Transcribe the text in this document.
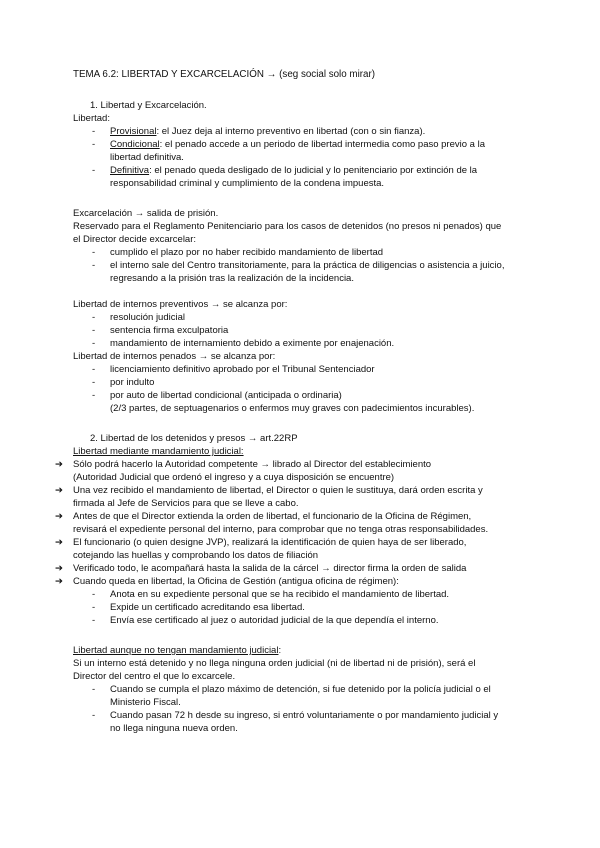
TEMA 6.2: LIBERTAD Y EXCARCELACIÓN → (seg social solo mirar)
1. Libertad y Excarcelación.
Libertad:
- Provisional: el Juez deja al interno preventivo en libertad (con o sin fianza).
- Condicional: el penado accede a un periodo de libertad intermedia como paso previo a la
libertad definitiva.
- Definitiva: el penado queda desligado de lo judicial y lo penitenciario por extinción de la
responsabilidad criminal y cumplimiento de la condena impuesta.
Excarcelación → salida de prisión.
Reservado para el Reglamento Penitenciario para los casos de detenidos (no presos ni penados) que
el Director decide excarcelar:
- cumplido el plazo por no haber recibido mandamiento de libertad
- el interno sale del Centro transitoriamente, para la práctica de diligencias o asistencia a juicio,
regresando a la prisión tras la realización de la incidencia.
Libertad de internos preventivos → se alcanza por:
- resolución judicial
- sentencia firma exculpatoria
- mandamiento de internamiento debido a eximente por enajenación.
Libertad de internos penados → se alcanza por:
- licenciamiento definitivo aprobado por el Tribunal Sentenciador
- por indulto
- por auto de libertad condicional (anticipada o ordinaria)
(2/3 partes, de septuagenarios o enfermos muy graves con padecimientos incurables).
2. Libertad de los detenidos y presos → art.22RP
Libertad mediante mandamiento judicial:
➔	Sólo podrá hacerlo la Autoridad competente → librado al Director del establecimiento
(Autoridad Judicial que ordenó el ingreso y a cuya disposición se encuentre)
➔	Una vez recibido el mandamiento de libertad, el Director o quien le sustituya, dará orden escrita y
firmada al Jefe de Servicios para que se lleve a cabo.
➔	Antes de que el Director extienda la orden de libertad, el funcionario de la Oficina de Régimen,
revisará el expediente personal del interno, para comprobar que no tenga otras responsabilidades.
➔	El funcionario (o quien designe JVP), realizará la identificación de quien haya de ser liberado,
cotejando las huellas y comprobando los datos de filiación
➔	Verificado todo, le acompañará hasta la salida de la cárcel → director firma la orden de salida
➔	Cuando queda en libertad, la Oficina de Gestión (antigua oficina de régimen):
- Anota en su expediente personal que se ha recibido el mandamiento de libertad.
- Expide un certificado acreditando esa libertad.
- Envía ese certificado al juez o autoridad judicial de la que dependía el interno.
Libertad aunque no tengan mandamiento judicial:
Si un interno está detenido y no llega ninguna orden judicial (ni de libertad ni de prisión), será el
Director del centro el que lo excarcele.
- Cuando se cumpla el plazo máximo de detención, si fue detenido por la policía judicial o el
Ministerio Fiscal.
- Cuando pasan 72 h desde su ingreso, si entró voluntariamente o por mandamiento judicial y
no llega ninguna nueva orden.
